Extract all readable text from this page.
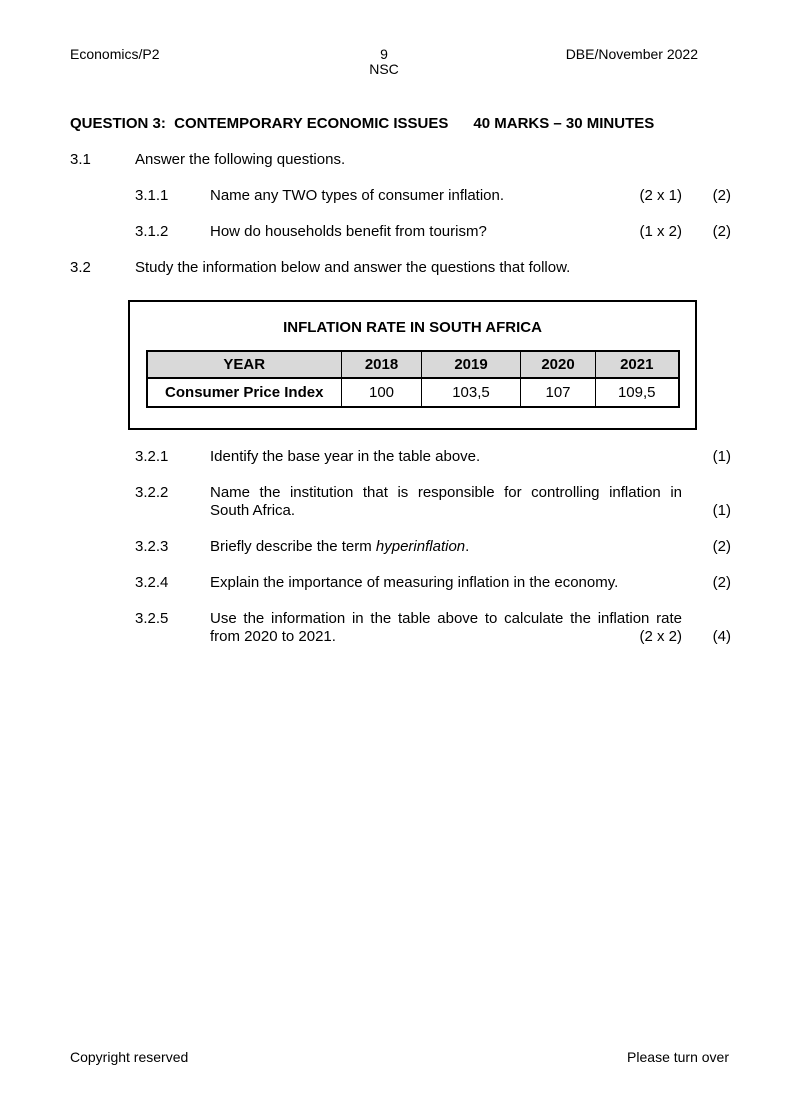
Economics/P2	9
NSC
DBE/November 2022
QUESTION 3:  CONTEMPORARY ECONOMIC ISSUES 40 MARKS – 30 MINUTES
3.1	Answer the following questions.
3.1.1	(2 x 1)
Name any TWO types of consumer inflation.	(2)
3.1.2	(1 x 2)
How do households benefit from tourism?	(2)
3.2	Study the information below and answer the questions that follow.
INFLATION RATE IN SOUTH AFRICA
YEAR	2018	2019	2020	2021
Consumer Price Index	100	103,5	107	109,5
3.2.1	Identify the base year in the table above.	(1)
3.2.2	Name the institution that is responsible for controlling inflation in
South Africa.	(1)
3.2.3	Briefly describe the term hyperinflation.	(2)
3.2.4	Explain the importance of measuring inflation in the economy.	(2)
3.2.5	Use the information in the table above to calculate the inflation rate
from 2020 to 2021.	(2 x 2)	(4)
Copyright reserved	Please turn over
